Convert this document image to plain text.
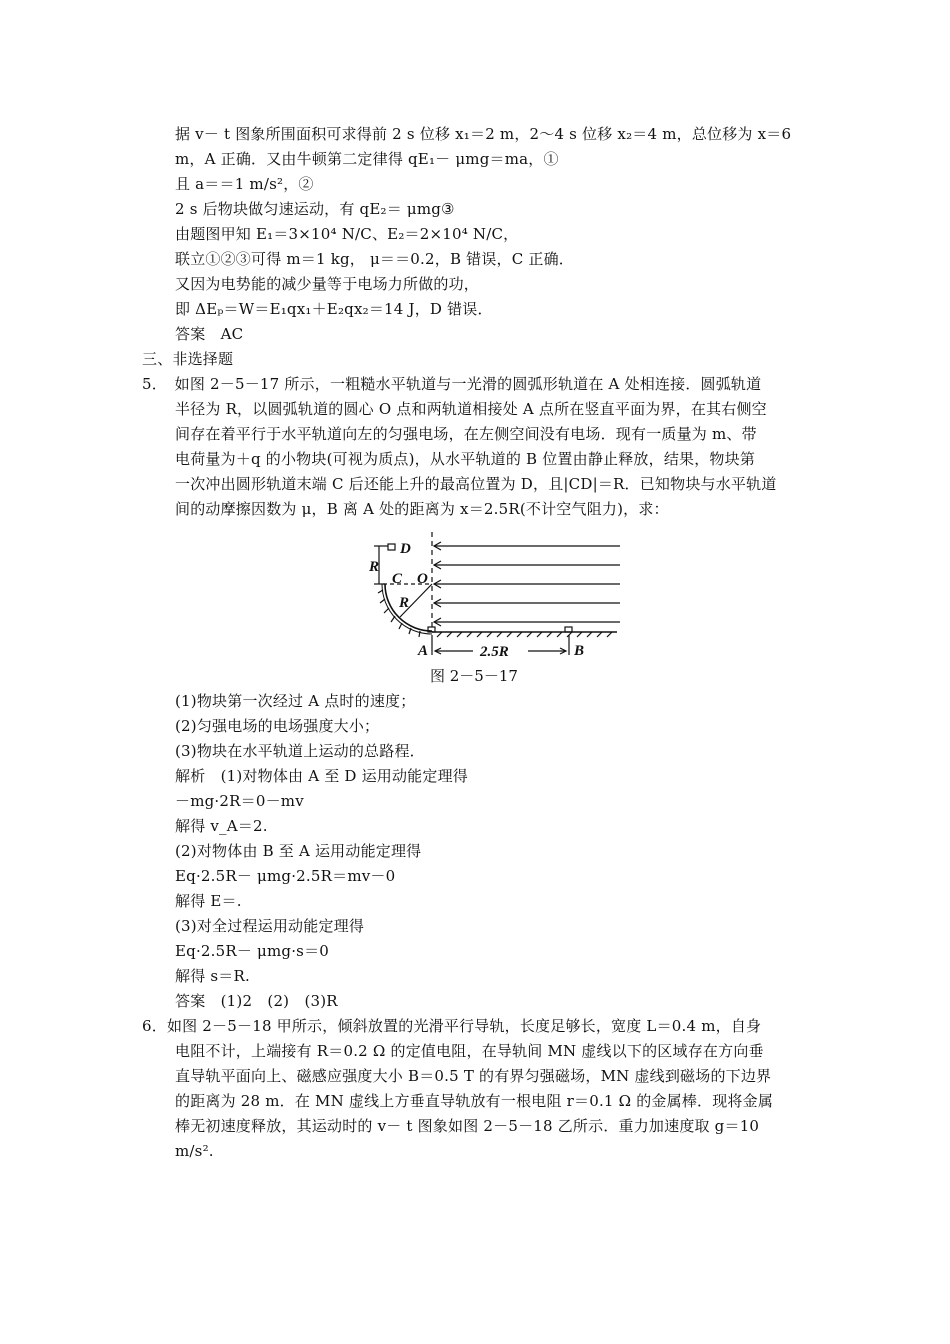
据 v－ t 图象所围面积可求得前 2 s 位移 x₁＝2 m，2～4 s 位移 x₂＝4 m，总位移为 x＝6
m，A 正确．又由牛顿第二定律得 qE₁－ μmg＝ma，①
且 a＝＝1 m/s²，②
2 s 后物块做匀速运动，有 qE₂＝ μmg③
由题图甲知 E₁＝3×10⁴ N/C、E₂＝2×10⁴ N/C，
联立①②③可得 m＝1 kg， μ＝＝0.2，B 错误，C 正确．
又因为电势能的减少量等于电场力所做的功，
即 ΔEₚ＝W＝E₁qx₁＋E₂qx₂＝14 J，D 错误．
答案　AC
三、非选择题
5．　如图 2－5－17 所示，一粗糙水平轨道与一光滑的圆弧形轨道在 A 处相连接．圆弧轨道
半径为 R，以圆弧轨道的圆心 O 点和两轨道相接处 A 点所在竖直平面为界，在其右侧空
间存在着平行于水平轨道向左的匀强电场，在左侧空间没有电场．现有一质量为 m、带
电荷量为＋q 的小物块(可视为质点)，从水平轨道的 B 位置由静止释放，结果，物块第
一次冲出圆形轨道末端 C 后还能上升的最高位置为 D，且|CD|＝R．已知物块与水平轨道
间的动摩擦因数为 μ，B 离 A 处的距离为 x＝2.5R(不计空气阻力)，求：
D
R
C O
R
A	2.5R	B
图 2－5－17
(1)物块第一次经过 A 点时的速度；
(2)匀强电场的电场强度大小；
(3)物块在水平轨道上运动的总路程．
解析　(1)对物体由 A 至 D 运用动能定理得
－mg·2R＝0－mv
解得 v_A＝2.
(2)对物体由 B 至 A 运用动能定理得
Eq·2.5R－ μmg·2.5R＝mv－0
解得 E＝.
(3)对全过程运用动能定理得
Eq·2.5R－ μmg·s＝0
解得 s＝R.
答案　(1)2　(2)　(3)R
6．如图 2－5－18 甲所示，倾斜放置的光滑平行导轨，长度足够长，宽度 L＝0.4 m，自身
电阻不计，上端接有 R＝0.2 Ω 的定值电阻，在导轨间 MN 虚线以下的区域存在方向垂
直导轨平面向上、磁感应强度大小 B＝0.5 T 的有界匀强磁场，MN 虚线到磁场的下边界
的距离为 28 m．在 MN 虚线上方垂直导轨放有一根电阻 r＝0.1 Ω 的金属棒．现将金属
棒无初速度释放，其运动时的 v－ t 图象如图 2－5－18 乙所示．重力加速度取 g＝10
m/s².
